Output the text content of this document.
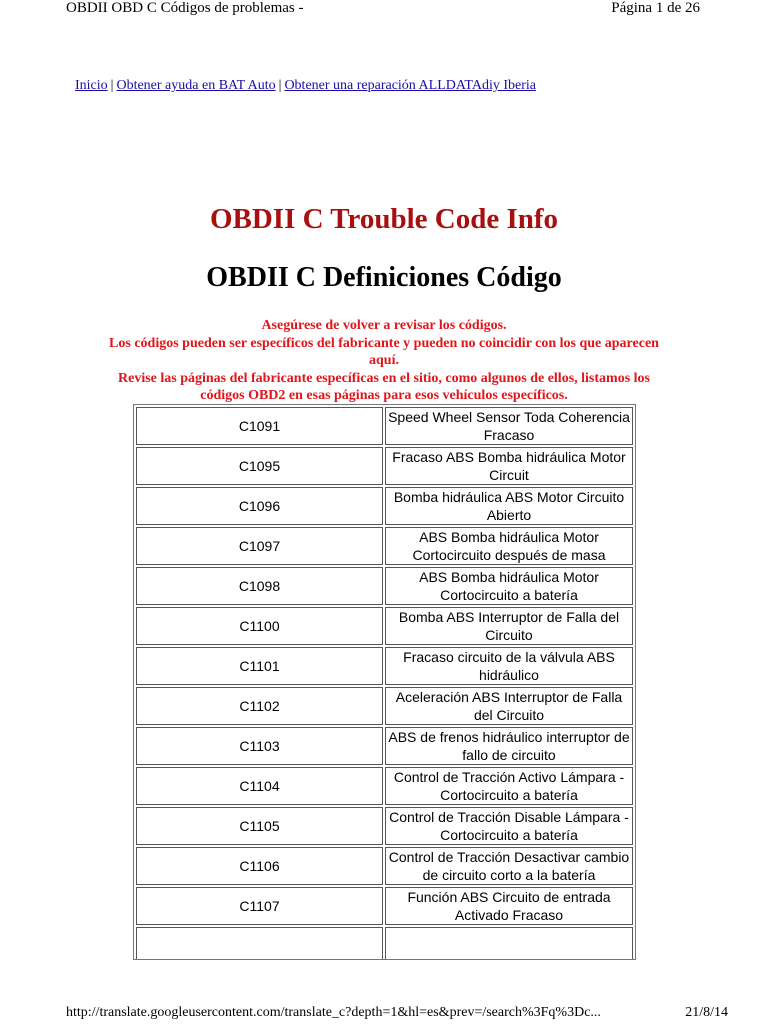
OBDII OBD C Códigos de problemas -	Página 1 de 26
Inicio | Obtener ayuda en BAT Auto | Obtener una reparación ALLDATAdiy Iberia
OBDII C Trouble Code Info
OBDII C Definiciones Código
Asegúrese de volver a revisar los códigos.
Los códigos pueden ser específicos del fabricante y pueden no coincidir con los que aparecen aquí.
Revise las páginas del fabricante específicas en el sitio, como algunos de ellos, listamos los códigos OBD2 en esas páginas para esos vehículos específicos.
C1091	Speed Wheel Sensor Toda Coherencia Fracaso
C1095	Fracaso ABS Bomba hidráulica Motor Circuit
C1096	Bomba hidráulica ABS Motor Circuito Abierto
C1097	ABS Bomba hidráulica Motor Cortocircuito después de masa
C1098	ABS Bomba hidráulica Motor Cortocircuito a batería
C1100	Bomba ABS Interruptor de Falla del Circuito
C1101	Fracaso circuito de la válvula ABS hidráulico
C1102	Aceleración ABS Interruptor de Falla del Circuito
C1103	ABS de frenos hidráulico interruptor de fallo de circuito
C1104	Control de Tracción Activo Lámpara - Cortocircuito a batería
C1105	Control de Tracción Disable Lámpara - Cortocircuito a batería
C1106	Control de Tracción Desactivar cambio de circuito corto a la batería
C1107	Función ABS Circuito de entrada Activado Fracaso

http://translate.googleusercontent.com/translate_c?depth=1&hl=es&prev=/search%3Fq%3Dc...	21/8/14
